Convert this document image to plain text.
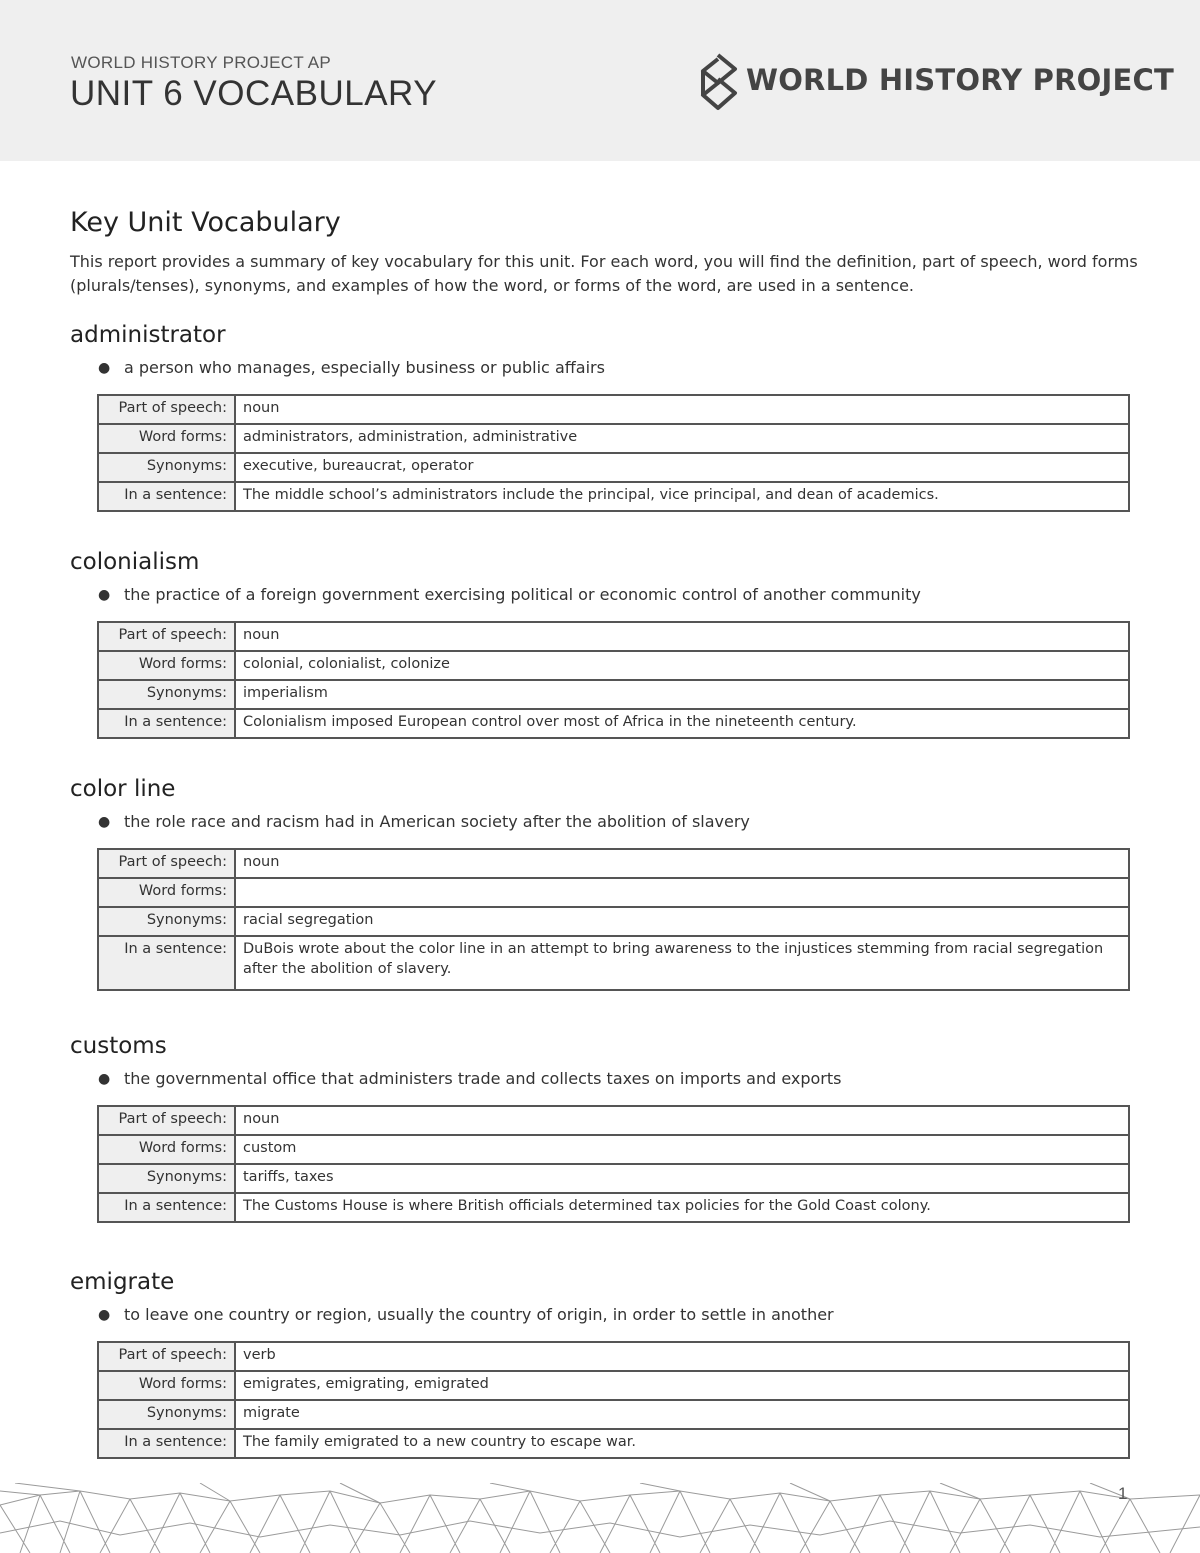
WORLD HISTORY PROJECT AP
UNIT 6 VOCABULARY	WORLD HISTORY PROJECT
Key Unit Vocabulary

This report provides a summary of key vocabulary for this unit. For each word, you will find the definition, part of speech, word forms (plurals/tenses), synonyms, and examples of how the word, or forms of the word, are used in a sentence.

administrator
● a person who manages, especially business or public affairs
Part of speech:	noun
Word forms:	administrators, administration, administrative
Synonyms:	executive, bureaucrat, operator
In a sentence:	The middle school’s administrators include the principal, vice principal, and dean of academics.
colonialism
● the practice of a foreign government exercising political or economic control of another community
Part of speech:	noun
Word forms:	colonial, colonialist, colonize
Synonyms:	imperialism
In a sentence:	Colonialism imposed European control over most of Africa in the nineteenth century.
color line
● the role race and racism had in American society after the abolition of slavery
Part of speech:	noun
Word forms:	
Synonyms:	racial segregation
In a sentence:	DuBois wrote about the color line in an attempt to bring awareness to the injustices stemming from racial segregation after the abolition of slavery.
customs
● the governmental office that administers trade and collects taxes on imports and exports
Part of speech:	noun
Word forms:	custom
Synonyms:	tariffs, taxes
In a sentence:	The Customs House is where British officials determined tax policies for the Gold Coast colony.
emigrate
● to leave one country or region, usually the country of origin, in order to settle in another
Part of speech:	verb
Word forms:	emigrates, emigrating, emigrated
Synonyms:	migrate
In a sentence:	The family emigrated to a new country to escape war.
1
